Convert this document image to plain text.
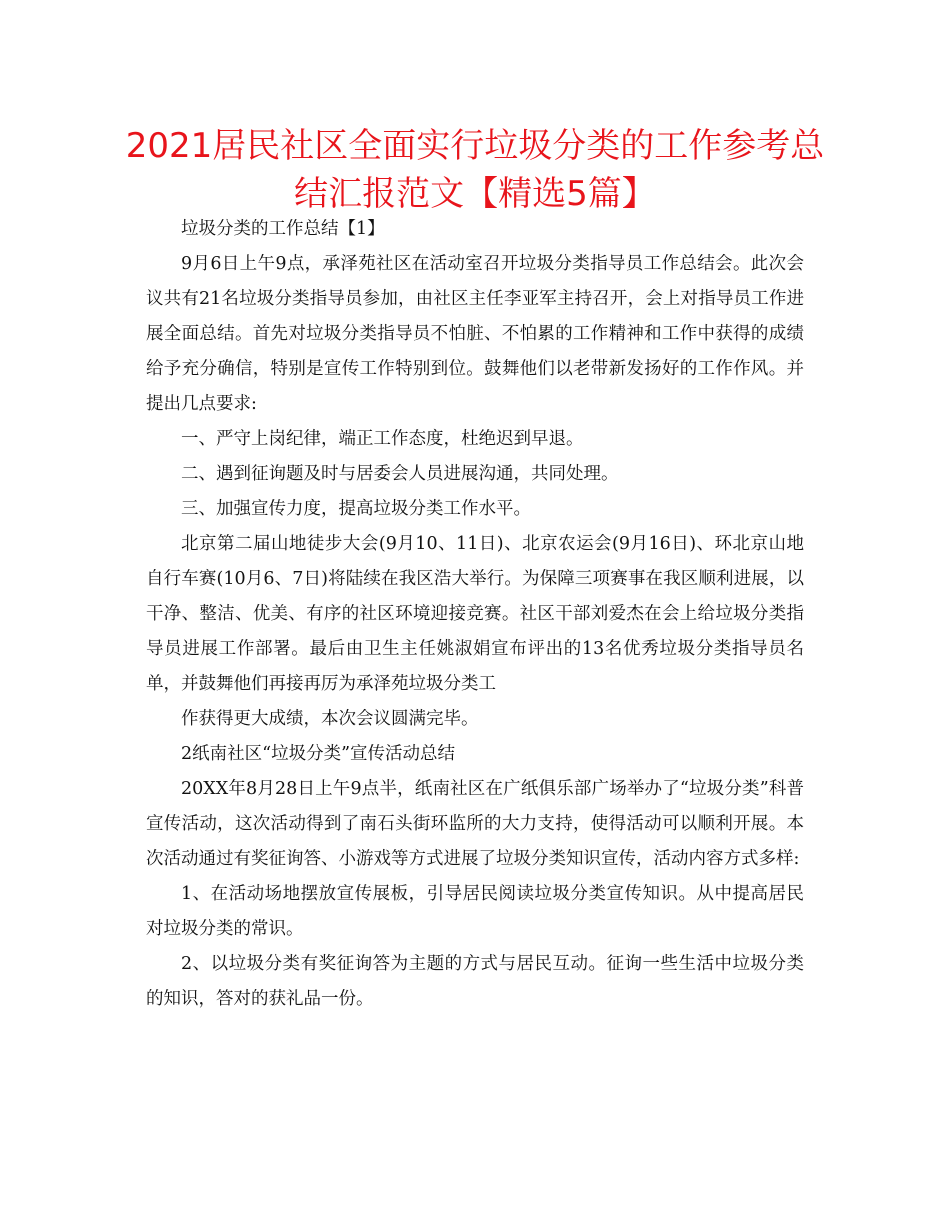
2021居民社区全面实行垃圾分类的工作参考总
结汇报范文【精选5篇】

垃圾分类的工作总结【1】

9月6日上午9点，承泽苑社区在活动室召开垃圾分类指导员工作总结会。此次会议共有21名垃圾分类指导员参加，由社区主任李亚军主持召开，会上对指导员工作进展全面总结。首先对垃圾分类指导员不怕脏、不怕累的工作精神和工作中获得的成绩给予充分确信，特别是宣传工作特别到位。鼓舞他们以老带新发扬好的工作作风。并提出几点要求:

一、严守上岗纪律，端正工作态度，杜绝迟到早退。

二、遇到征询题及时与居委会人员进展沟通，共同处理。

三、加强宣传力度，提高垃圾分类工作水平。

北京第二届山地徒步大会(9月10、11日)、北京农运会(9月16日)、环北京山地自行车赛(10月6、7日)将陆续在我区浩大举行。为保障三项赛事在我区顺利进展，以干净、整洁、优美、有序的社区环境迎接竞赛。社区干部刘爱杰在会上给垃圾分类指导员进展工作部署。最后由卫生主任姚淑娟宣布评出的13名优秀垃圾分类指导员名单，并鼓舞他们再接再厉为承泽苑垃圾分类工

作获得更大成绩，本次会议圆满完毕。

2纸南社区“垃圾分类”宣传活动总结

20XX年8月28日上午9点半，纸南社区在广纸俱乐部广场举办了“垃圾分类”科普宣传活动，这次活动得到了南石头街环监所的大力支持，使得活动可以顺利开展。本次活动通过有奖征询答、小游戏等方式进展了垃圾分类知识宣传，活动内容方式多样:

1、在活动场地摆放宣传展板，引导居民阅读垃圾分类宣传知识。从中提高居民对垃圾分类的常识。

2、以垃圾分类有奖征询答为主题的方式与居民互动。征询一些生活中垃圾分类的知识，答对的获礼品一份。
